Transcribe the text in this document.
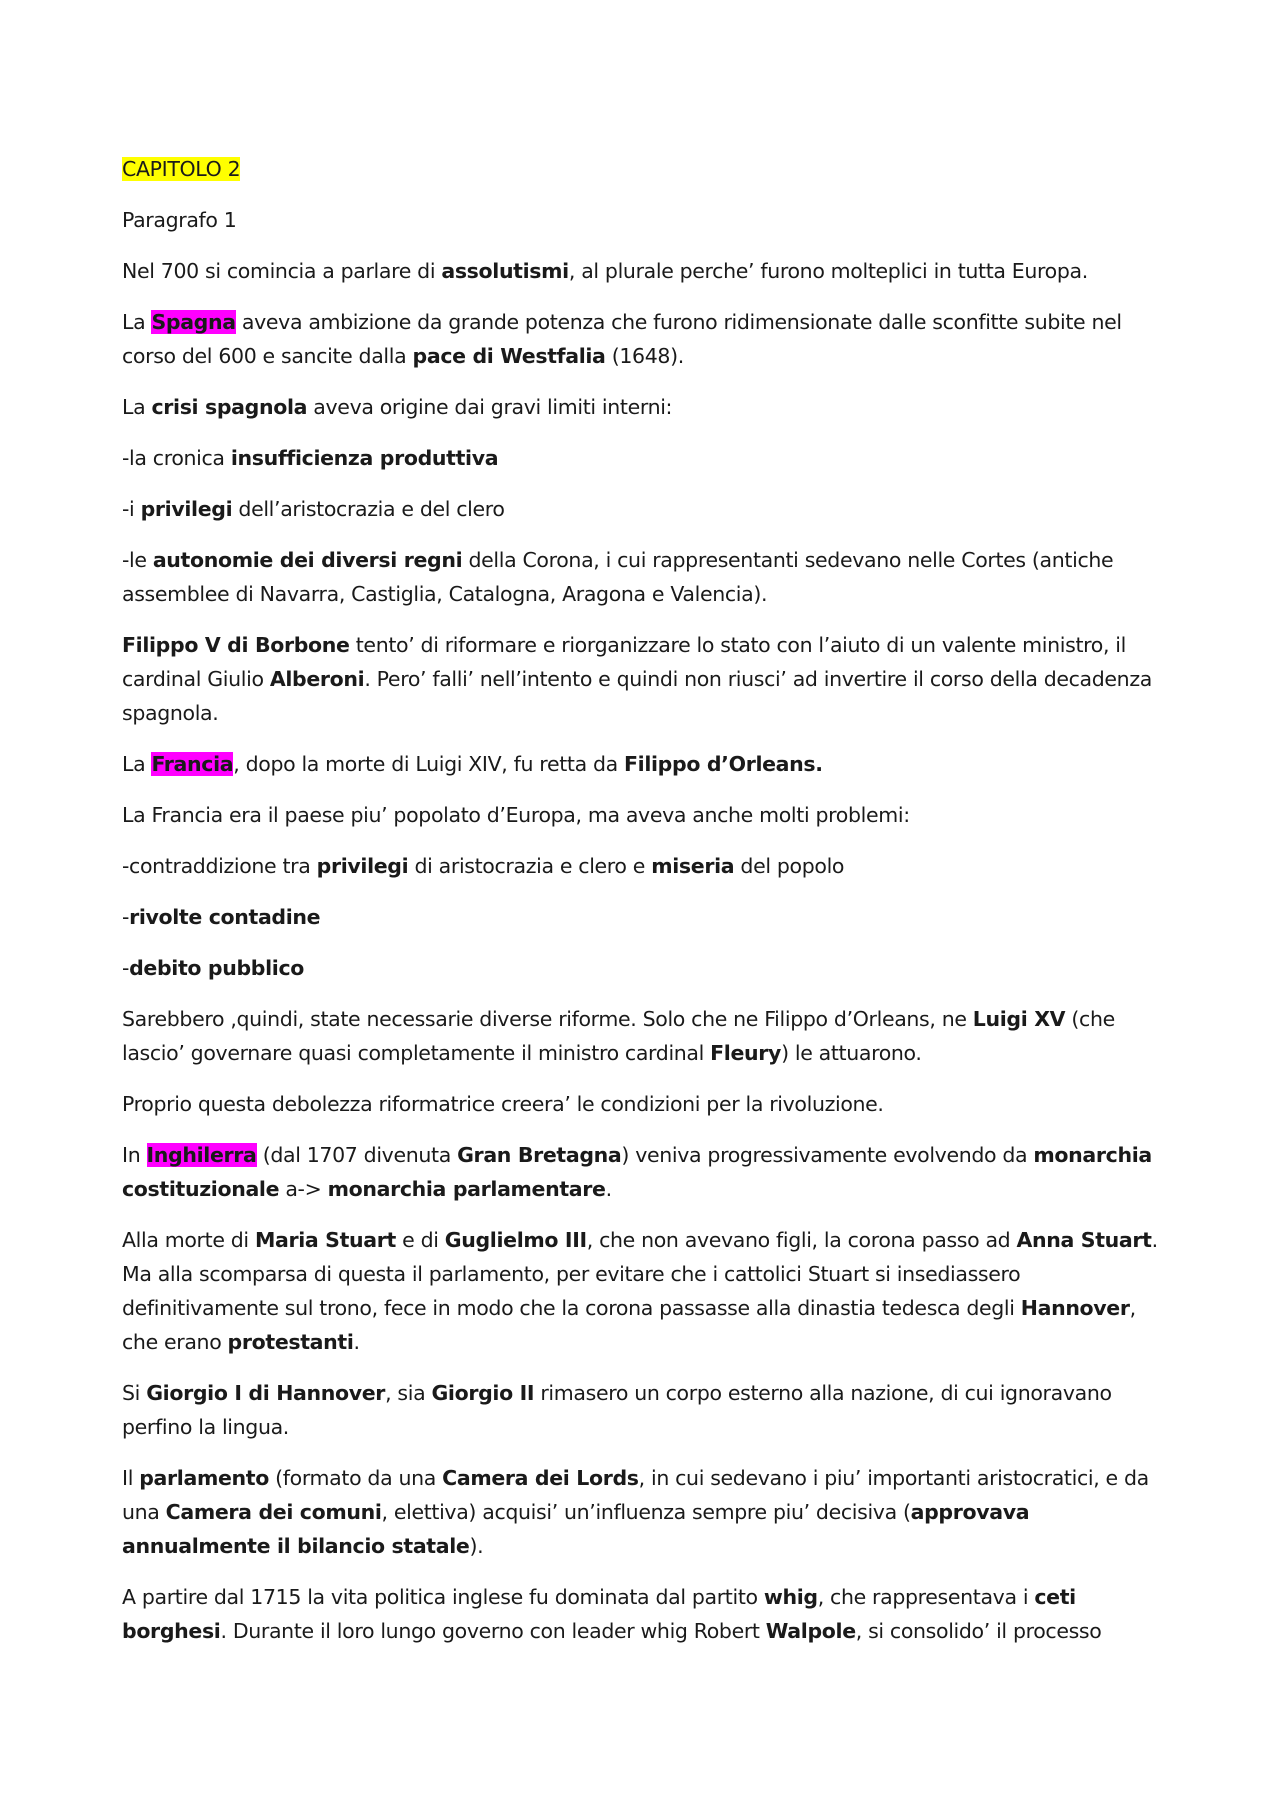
CAPITOLO 2

Paragrafo 1

Nel 700 si comincia a parlare di assolutismi, al plurale perche’ furono molteplici in tutta Europa.

La Spagna aveva ambizione da grande potenza che furono ridimensionate dalle sconfitte subite nel corso del 600 e sancite dalla pace di Westfalia (1648).

La crisi spagnola aveva origine dai gravi limiti interni:

-la cronica insufficienza produttiva

-i privilegi dell’aristocrazia e del clero

-le autonomie dei diversi regni della Corona, i cui rappresentanti sedevano nelle Cortes (antiche assemblee di Navarra, Castiglia, Catalogna, Aragona e Valencia).

Filippo V di Borbone tento’ di riformare e riorganizzare lo stato con l’aiuto di un valente ministro, il cardinal Giulio Alberoni. Pero’ falli’ nell’intento e quindi non riusci’ ad invertire il corso della decadenza spagnola.

La Francia, dopo la morte di Luigi XIV, fu retta da Filippo d’Orleans.

La Francia era il paese piu’ popolato d’Europa, ma aveva anche molti problemi:

-contraddizione tra privilegi di aristocrazia e clero e miseria del popolo

-rivolte contadine

-debito pubblico

Sarebbero ,quindi, state necessarie diverse riforme. Solo che ne Filippo d’Orleans, ne Luigi XV (che lascio’ governare quasi completamente il ministro cardinal Fleury) le attuarono.

Proprio questa debolezza riformatrice creera’ le condizioni per la rivoluzione.

In Inghilerra (dal 1707 divenuta Gran Bretagna) veniva progressivamente evolvendo da monarchia costituzionale a-> monarchia parlamentare.

Alla morte di Maria Stuart e di Guglielmo III, che non avevano figli, la corona passo ad Anna Stuart. Ma alla scomparsa di questa il parlamento, per evitare che i cattolici Stuart si insediassero definitivamente sul trono, fece in modo che la corona passasse alla dinastia tedesca degli Hannover, che erano protestanti.

Si Giorgio I di Hannover, sia Giorgio II rimasero un corpo esterno alla nazione, di cui ignoravano perfino la lingua.

Il parlamento (formato da una Camera dei Lords, in cui sedevano i piu’ importanti aristocratici, e da una Camera dei comuni, elettiva) acquisi’ un’influenza sempre piu’ decisiva (approvava annualmente il bilancio statale).

A partire dal 1715 la vita politica inglese fu dominata dal partito whig, che rappresentava i ceti borghesi. Durante il loro lungo governo con leader whig Robert Walpole, si consolido’ il processo
